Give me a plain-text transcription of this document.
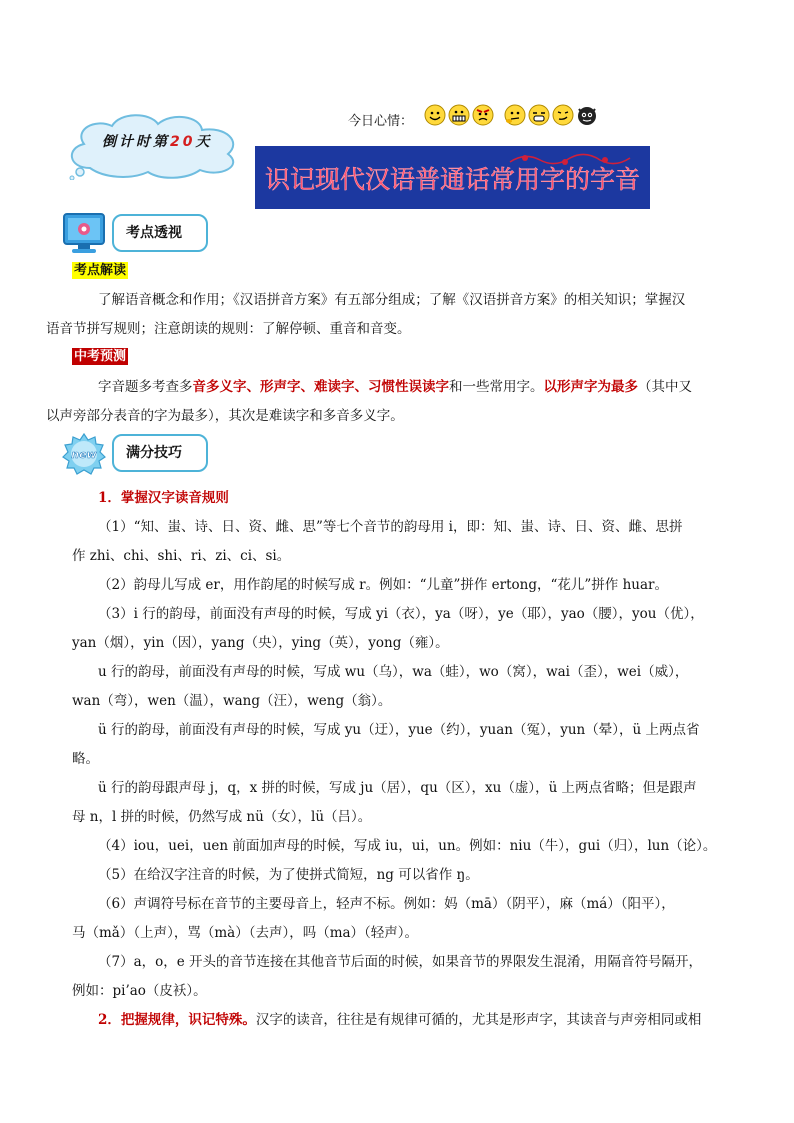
倒计时第20天
今日心情：
识记现代汉语普通话常用字的字音
考点透视
考点解读
了解语音概念和作用；《汉语拼音方案》有五部分组成；了解《汉语拼音方案》的相关知识；掌握汉
语音节拼写规则；注意朗读的规则：了解停顿、重音和音变。
中考预测
字音题多考查多音多义字、形声字、难读字、习惯性误读字和一些常用字。以形声字为最多（其中又
以声旁部分表音的字为最多），其次是难读字和多音多义字。
new	满分技巧
1．掌握汉字读音规则
（1）“知、蚩、诗、日、资、雌、思”等七个音节的韵母用 i，即：知、蚩、诗、日、资、雌、思拼
作 zhi、chi、shi、ri、zi、ci、si。
（2）韵母儿写成 er，用作韵尾的时候写成 r。例如：“儿童”拼作 ertong，“花儿”拼作 huar。
（3）i 行的韵母，前面没有声母的时候，写成 yi（衣），ya（呀），ye（耶），yao（腰），you（优），
yan（烟），yin（因），yang（央），ying（英），yong（雍）。
u 行的韵母，前面没有声母的时候，写成 wu（乌），wa（蛙），wo（窝），wai（歪），wei（威），
wan（弯），wen（温），wang（汪），weng（翁）。
ü 行的韵母，前面没有声母的时候，写成 yu（迂），yue（约），yuan（冤），yun（晕），ü 上两点省
略。
ü 行的韵母跟声母 j，q，x 拼的时候，写成 ju（居），qu（区），xu（虚），ü 上两点省略；但是跟声
母 n，l 拼的时候，仍然写成 nü（女），lü（吕）。
（4）iou，uei，uen 前面加声母的时候，写成 iu，ui，un。例如：niu（牛），gui（归），lun（论）。
（5）在给汉字注音的时候，为了使拼式简短，ng 可以省作 ŋ。
（6）声调符号标在音节的主要母音上，轻声不标。例如：妈（mā）（阴平），麻（má）（阳平），
马（mǎ）（上声），骂（mà）（去声），吗（ma）（轻声）。
（7）a，o，e 开头的音节连接在其他音节后面的时候，如果音节的界限发生混淆，用隔音符号隔开，
例如：pi’ao（皮袄）。
2．把握规律，识记特殊。汉字的读音，往往是有规律可循的，尤其是形声字，其读音与声旁相同或相
